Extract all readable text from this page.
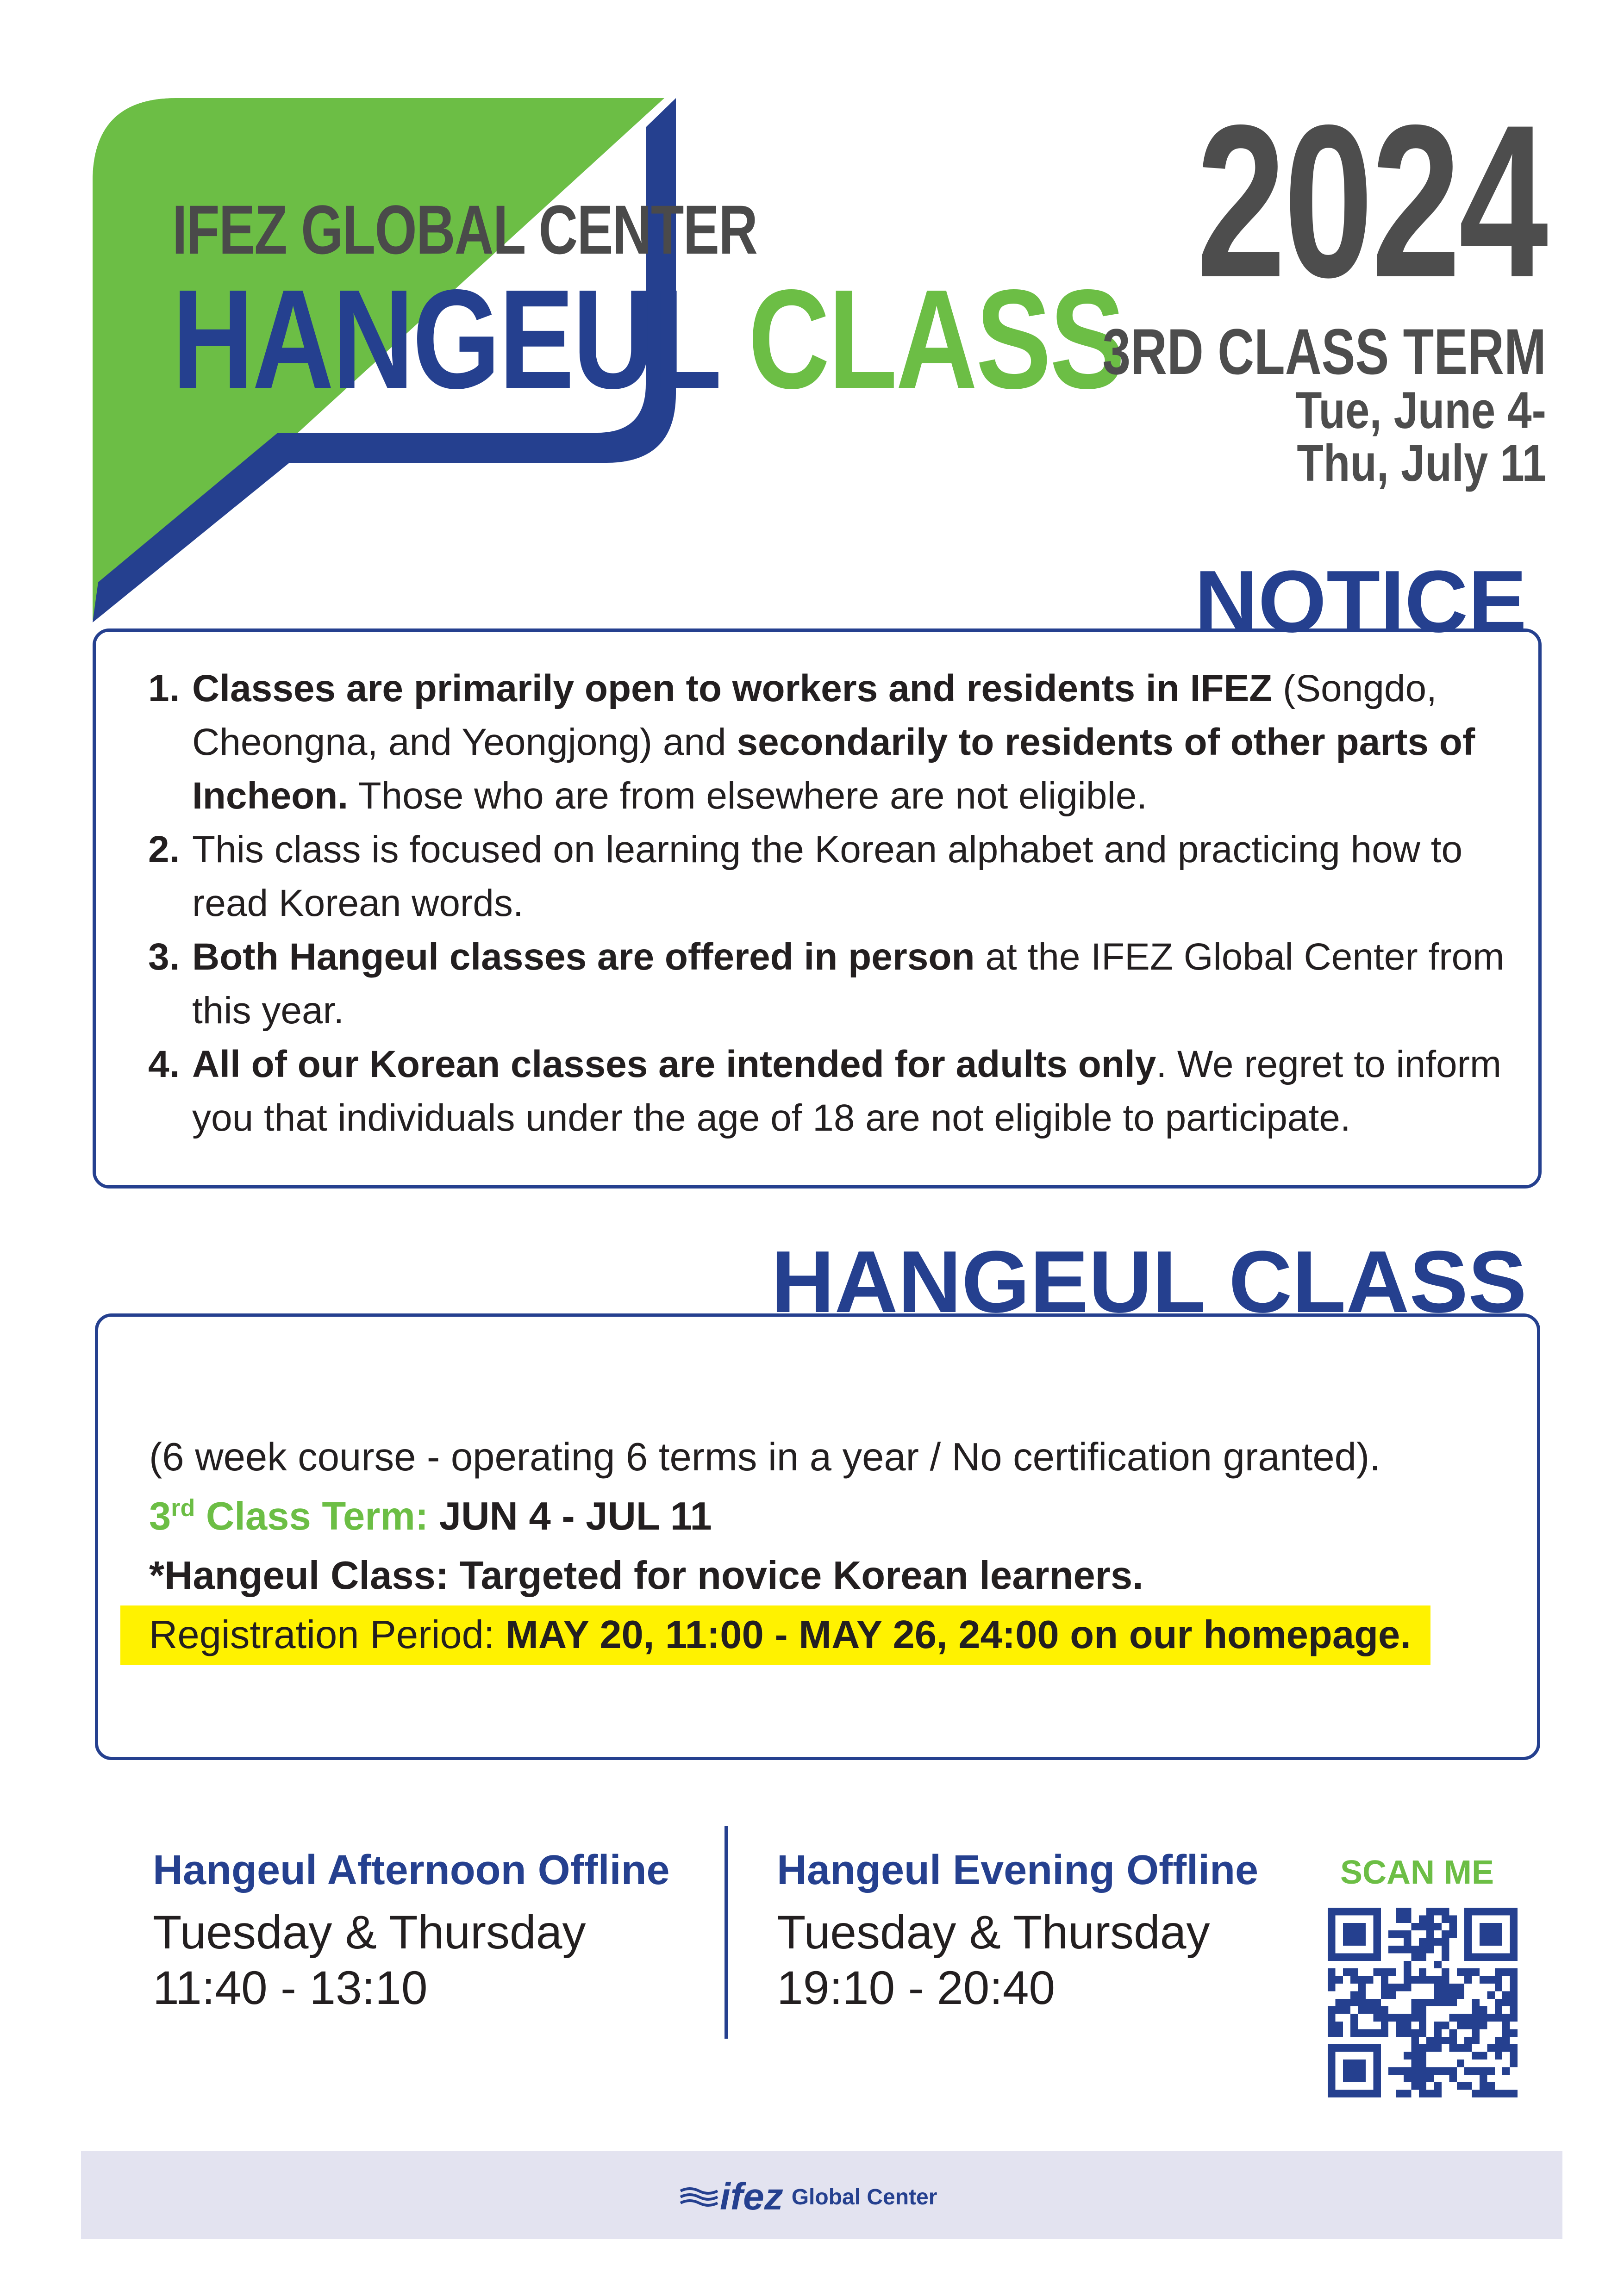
IFEZ GLOBAL CENTER
HANGEUL CLASS
2024
3RD CLASS TERM
Tue, June 4-
Thu, July 11
NOTICE
1. Classes are primarily open to workers and residents in IFEZ (Songdo,
Cheongna, and Yeongjong) and secondarily to residents of other parts of
Incheon. Those who are from elsewhere are not eligible.
2. This class is focused on learning the Korean alphabet and practicing how to
read Korean words.
3. Both Hangeul classes are offered in person at the IFEZ Global Center from
this year.
4. All of our Korean classes are intended for adults only. We regret to inform
you that individuals under the age of 18 are not eligible to participate.
HANGEUL CLASS
(6 week course - operating 6 terms in a year / No certification granted).
3rd Class Term: JUN 4 - JUL 11
*Hangeul Class: Targeted for novice Korean learners.
Registration Period: MAY 20, 11:00 - MAY 26, 24:00 on our homepage.
Hangeul Afternoon Offline
Tuesday & Thursday
11:40 - 13:10
Hangeul Evening Offline
Tuesday & Thursday
19:10 - 20:40
SCAN ME
ifez Global Center
